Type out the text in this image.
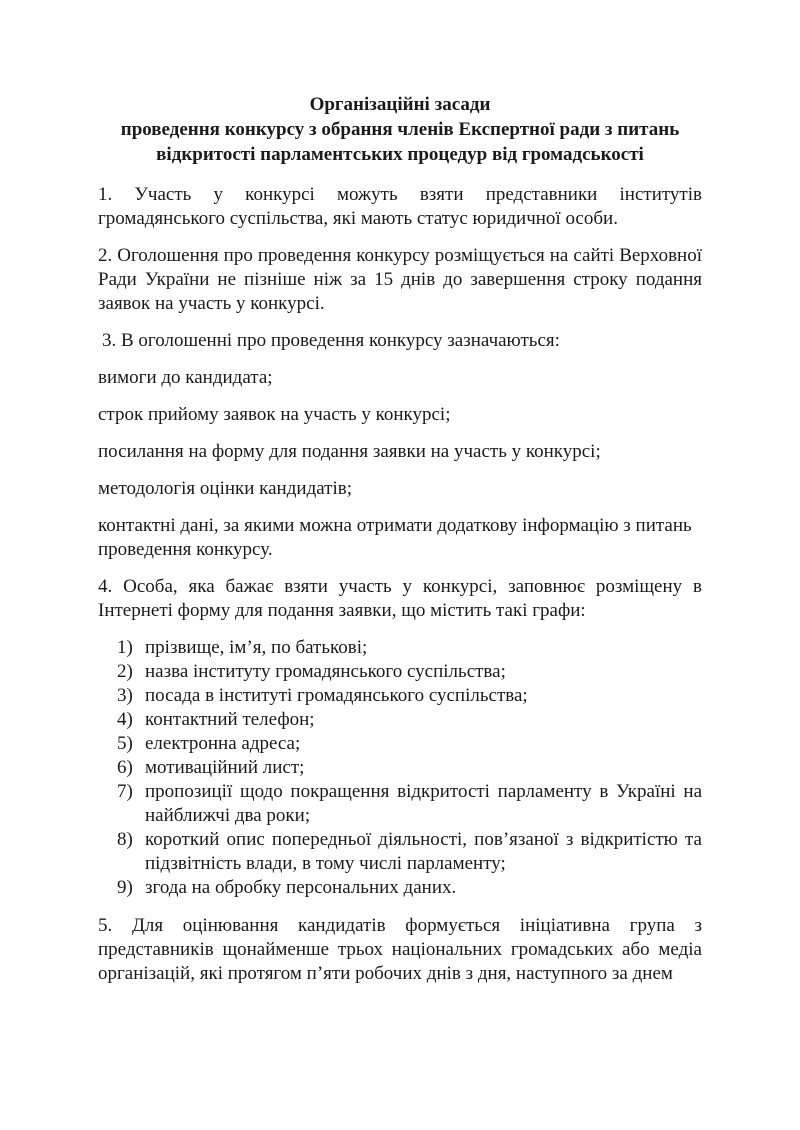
Організаційні засади
проведення конкурсу з обрання членів Експертної ради з питань
відкритості парламентських процедур від громадськості

1. Участь у конкурсі можуть взяти представники інститутів громадянського суспільства, які мають статус юридичної особи.

2. Оголошення про проведення конкурсу розміщується на сайті Верховної Ради України не пізніше ніж за 15 днів до завершення строку подання заявок на участь у конкурсі.

3. В оголошенні про проведення конкурсу зазначаються:

вимоги до кандидата;

строк прийому заявок на участь у конкурсі;

посилання на форму для подання заявки на участь у конкурсі;

методологія оцінки кандидатів;

контактні дані, за якими можна отримати додаткову інформацію з питань проведення конкурсу.

4. Особа, яка бажає взяти участь у конкурсі, заповнює розміщену в Інтернеті форму для подання заявки, що містить такі графи:

1) прізвище, ім’я, по батькові;
2) назва інституту громадянського суспільства;
3) посада в інституті громадянського суспільства;
4) контактний телефон;
5) електронна адреса;
6) мотиваційний лист;
7) пропозиції щодо покращення відкритості парламенту в Україні на найближчі два роки;
8) короткий опис попередньої діяльності, пов’язаної з відкритістю та підзвітність влади, в тому числі парламенту;
9) згода на обробку персональних даних.

5. Для оцінювання кандидатів формується ініціативна група з представників щонайменше трьох національних громадських або медіа організацій, які протягом п’яти робочих днів з дня, наступного за днем
